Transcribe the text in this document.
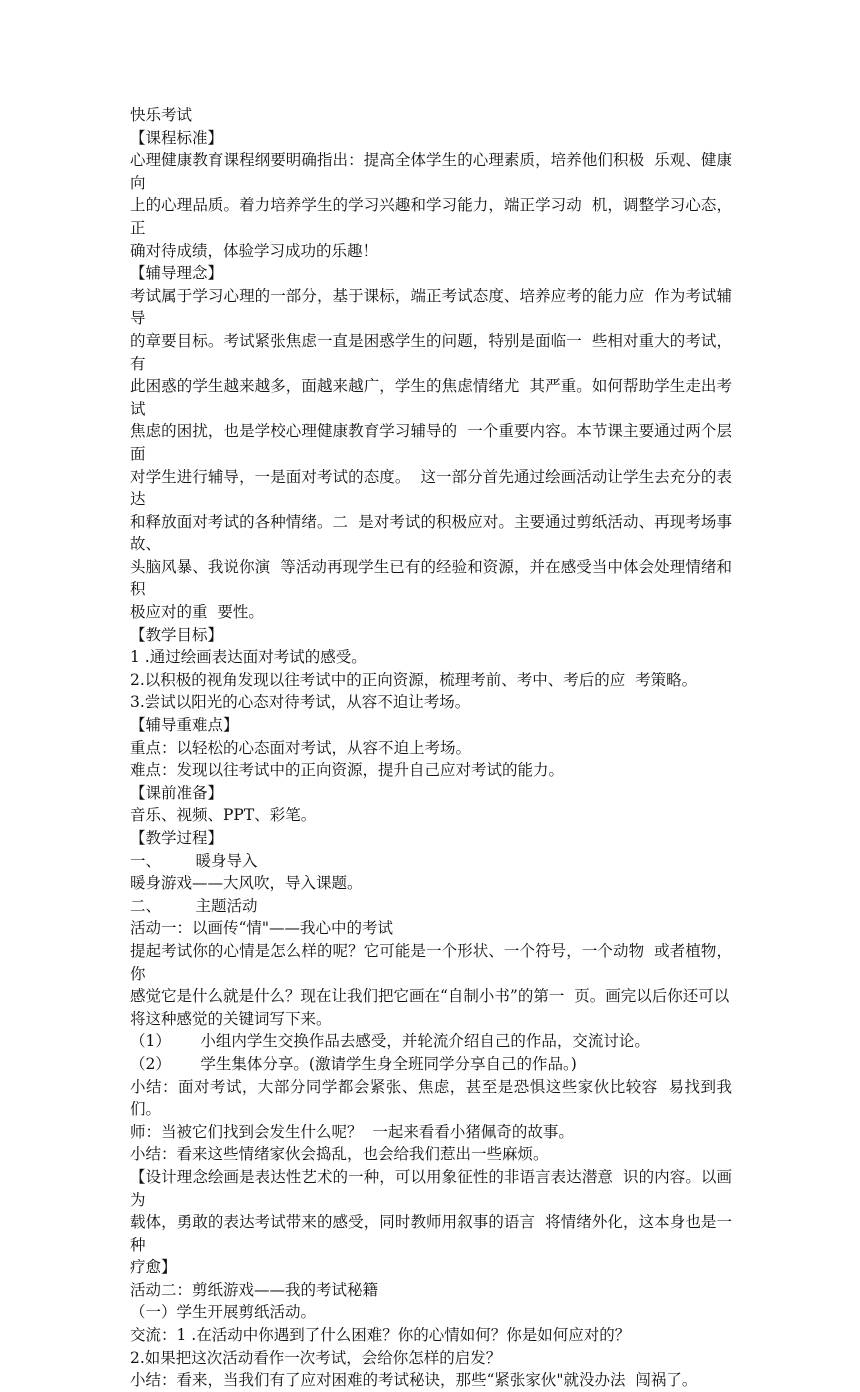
快乐考试
【课程标准】
心理健康教育课程纲要明确指出：提高全体学生的心理素质，培养他们积极  乐观、健康向
上的心理品质。着力培养学生的学习兴趣和学习能力，端正学习动  机，调整学习心态，正
确对待成绩，体验学习成功的乐趣！
【辅导理念】
考试属于学习心理的一部分，基于课标，端正考试态度、培养应考的能力应  作为考试辅导
的章要目标。考试紧张焦虑一直是困惑学生的问题，特别是面临一  些相对重大的考试，有
此困惑的学生越来越多，面越来越广，学生的焦虑情绪尤  其严重。如何帮助学生走出考试
焦虑的困扰，也是学校心理健康教育学习辅导的  一个重要内容。本节课主要通过两个层面
对学生进行辅导，一是面对考试的态度。  这一部分首先通过绘画活动让学生去充分的表达
和释放面对考试的各种情绪。二  是对考试的积极应对。主要通过剪纸活动、再现考场事故、
头脑风暴、我说你演  等活动再现学生已有的经验和资源，并在感受当中体会处理情绪和积
极应对的重  要性。
【教学目标】
1 .通过绘画表达面对考试的感受。
2.以积极的视角发现以往考试中的正向资源，梳理考前、考中、考后的应  考策略。
3.尝试以阳光的心态对待考试，从容不迫让考场。
【辅导重难点】
重点：以轻松的心态面对考试，从容不迫上考场。
难点：发现以往考试中的正向资源，提升自己应对考试的能力。
【课前准备】
音乐、视频、PPT、彩笔。
【教学过程】
一、       暖身导入
暖身游戏——大风吹，导入课题。
二、       主题活动
活动一：以画传“情"——我心中的考试
提起考试你的心情是怎么样的呢？它可能是一个形状、一个符号，一个动物  或者植物，你
感觉它是什么就是什么？现在让我们把它画在“自制小书”的第一  页。画完以后你还可以
将这种感觉的关键词写下来。
（1）      小组内学生交换作品去感受，并轮流介绍自己的作品，交流讨论。
（2）      学生集体分享。(激请学生身全班同学分享自己的作品。)
小结：面对考试，大部分同学都会紧张、焦虑，甚至是恐惧这些家伙比较容  易找到我们。
师：当被它们找到会发生什么呢？  一起来看看小猪佩奇的故事。
小结：看来这些情绪家伙会捣乱，也会给我们惹出一些麻烦。
【设计理念绘画是表达性艺术的一种，可以用象征性的非语言表达潜意  识的内容。以画为
载体，勇敢的表达考试带来的感受，同时教师用叙事的语言  将情绪外化，这本身也是一种
疗愈】
活动二：剪纸游戏——我的考试秘籍
（一）学生开展剪纸活动。
交流：1 .在活动中你遇到了什么困难？你的心情如何？你是如何应对的？
2.如果把这次活动看作一次考试，会给你怎样的启发？
小结：看来，当我们有了应对困难的考试秘诀，那些“紧张家伙"就没办法  闯祸了。
